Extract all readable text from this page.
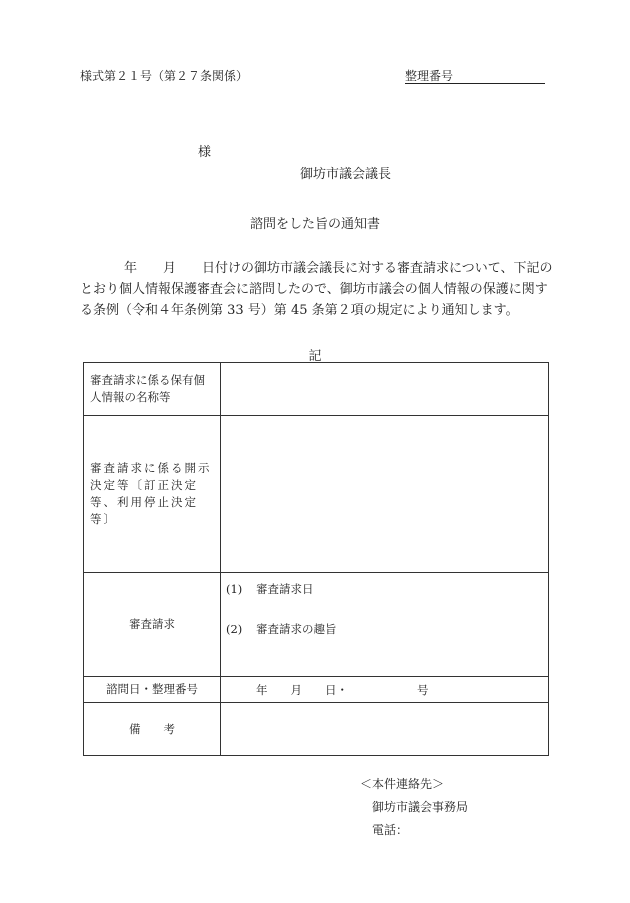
様式第２１号（第２７条関係）	整理番号
様
御坊市議会議長
諮問をした旨の通知書
年　　月　　日付けの御坊市議会議長に対する審査請求について、下記のとおり個人情報保護審査会に諮問したので、御坊市議会の個人情報の保護に関する条例（令和４年条例第 33 号）第 45 条第２項の規定により通知します。
記
審査請求に係る保有個人情報の名称等	
審査請求に係る開示決定等〔訂正決定等、利用停止決定等〕	
審査請求	(1) 審査請求日
(2) 審査請求の趣旨

諮問日・整理番号	年　　月　　日・　　　　　　号
備　　考	
＜本件連絡先＞
御坊市議会事務局
電話：
